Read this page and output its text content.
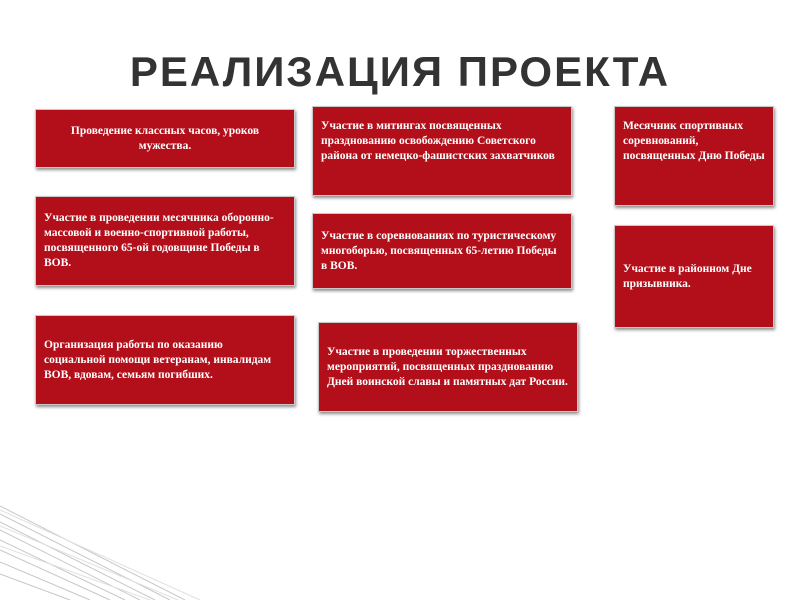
РЕАЛИЗАЦИЯ ПРОЕКТА
Проведение классных часов, уроков мужества.
Участие в проведении месячника оборонно-массовой и военно-спортивной работы, посвященного 65-ой годовщине Победы в ВОВ.
Организация работы по оказанию социальной помощи ветеранам, инвалидам ВОВ, вдовам, семьям погибших.
Участие в митингах посвященных празднованию освобождению Советского района от немецко-фашистских захватчиков
Участие в соревнованиях по туристическому многоборью, посвященных 65-летию Победы в ВОВ.
Участие в проведении торжественных мероприятий, посвященных празднованию Дней воинской славы и памятных дат России.
Месячник спортивных соревнований, посвященных Дню Победы
Участие в районном Дне призывника.
